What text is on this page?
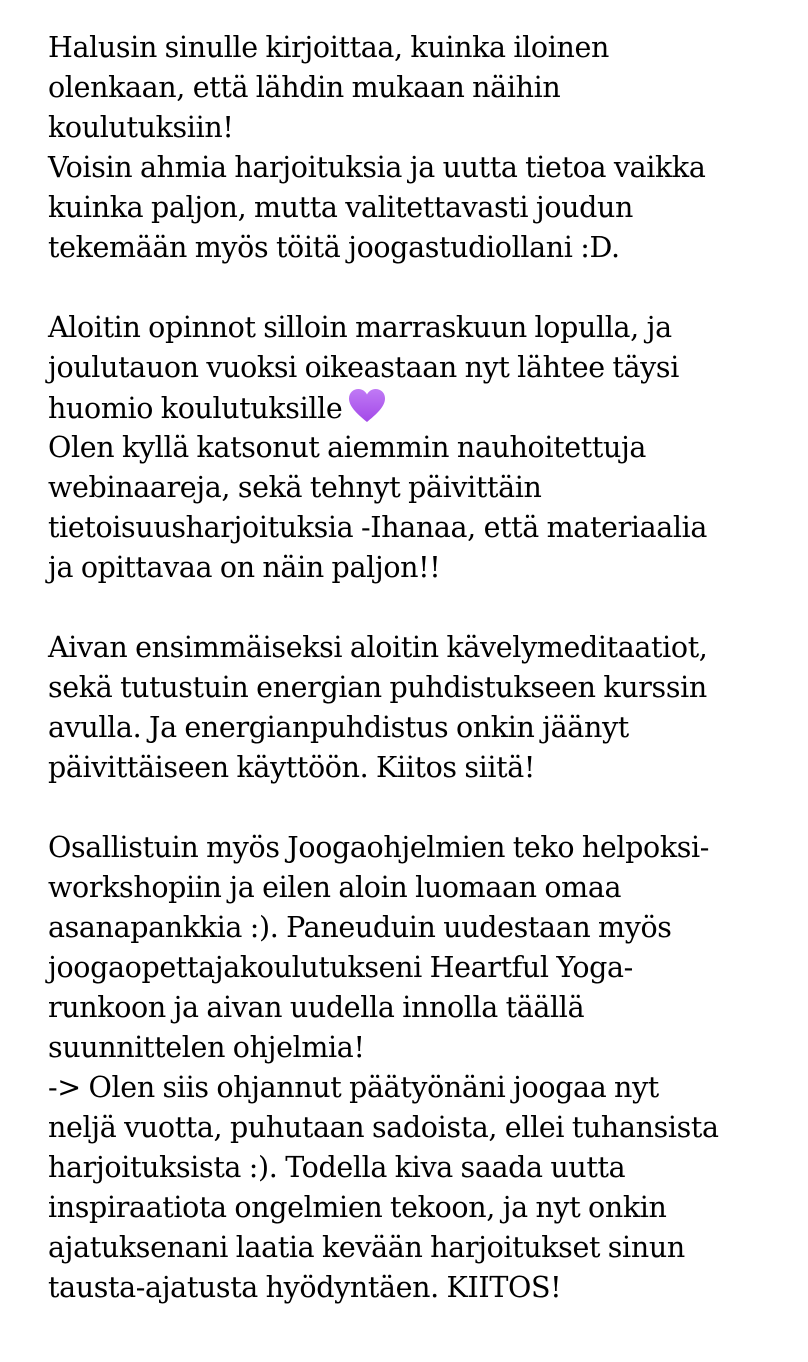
Halusin sinulle kirjoittaa, kuinka iloinen
olenkaan, että lähdin mukaan näihin
koulutuksiin!
Voisin ahmia harjoituksia ja uutta tietoa vaikka
kuinka paljon, mutta valitettavasti joudun
tekemään myös töitä joogastudiollani :D.
Aloitin opinnot silloin marraskuun lopulla, ja
joulutauon vuoksi oikeastaan nyt lähtee täysi
huomio koulutuksille
Olen kyllä katsonut aiemmin nauhoitettuja
webinaareja, sekä tehnyt päivittäin
tietoisuusharjoituksia -Ihanaa, että materiaalia
ja opittavaa on näin paljon!!
Aivan ensimmäiseksi aloitin kävelymeditaatiot,
sekä tutustuin energian puhdistukseen kurssin
avulla. Ja energianpuhdistus onkin jäänyt
päivittäiseen käyttöön. Kiitos siitä!
Osallistuin myös Joogaohjelmien teko helpoksi-
workshopiin ja eilen aloin luomaan omaa
asanapankkia :). Paneuduin uudestaan myös
joogaopettajakoulutukseni Heartful Yoga-
runkoon ja aivan uudella innolla täällä
suunnittelen ohjelmia!
-> Olen siis ohjannut päätyönäni joogaa nyt
neljä vuotta, puhutaan sadoista, ellei tuhansista
harjoituksista :). Todella kiva saada uutta
inspiraatiota ongelmien tekoon, ja nyt onkin
ajatuksenani laatia kevään harjoitukset sinun
tausta-ajatusta hyödyntäen. KIITOS!
